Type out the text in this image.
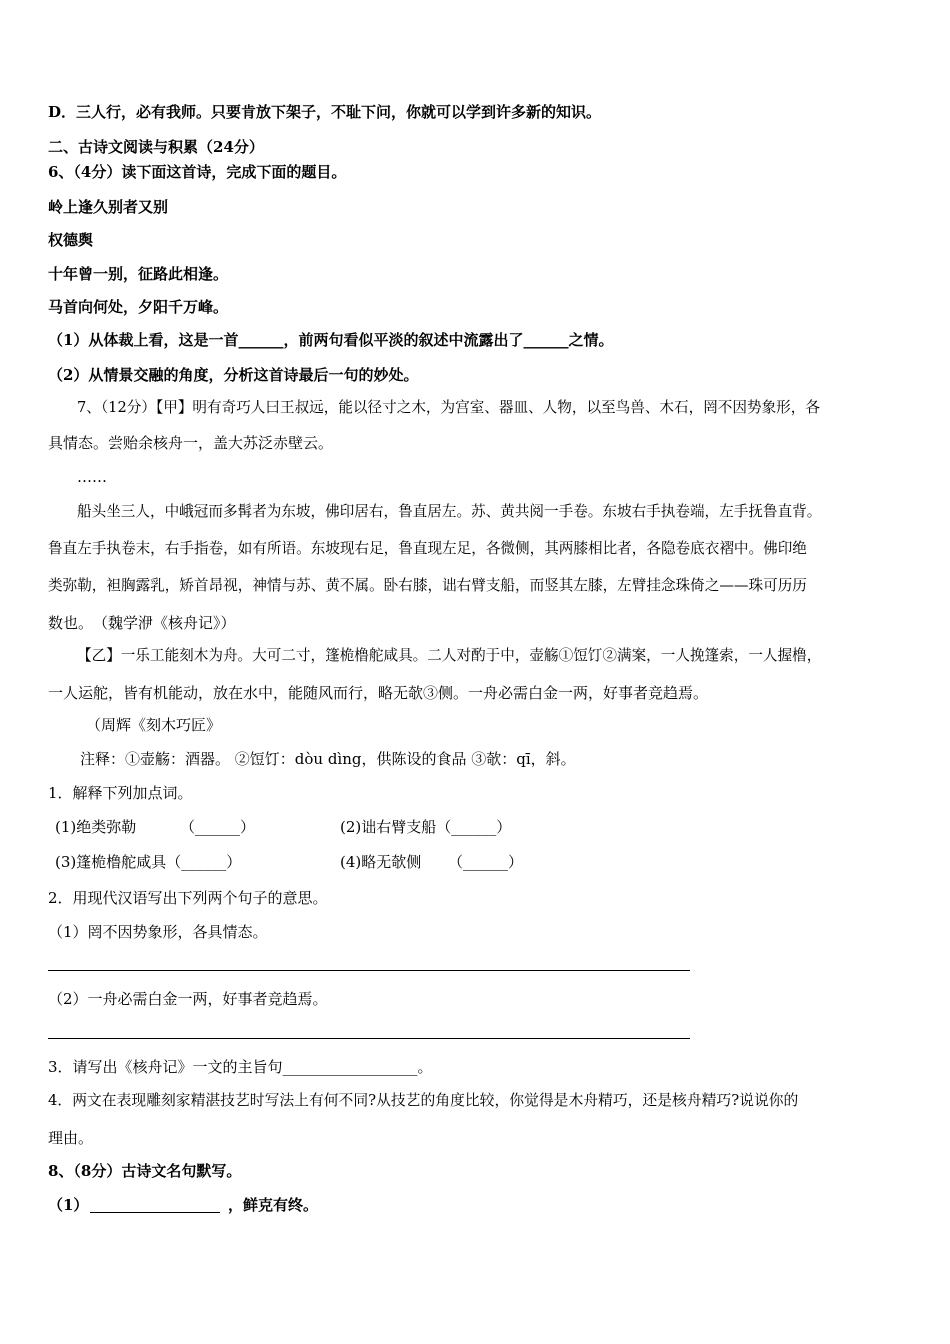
D．三人行，必有我师。只要肯放下架子，不耻下问，你就可以学到许多新的知识。
二、古诗文阅读与积累（24分）
6、（4分）读下面这首诗，完成下面的题目。
岭上逢久别者又别
权德舆
十年曾一别，征路此相逢。
马首向何处，夕阳千万峰。
（1）从体裁上看，这是一首______，前两句看似平淡的叙述中流露出了______之情。
（2）从情景交融的角度，分析这首诗最后一句的妙处。
7、（12分）【甲】明有奇巧人曰王叔远，能以径寸之木，为宫室、器皿、人物，以至鸟兽、木石，罔不因势象形，各
具情态。尝贻余核舟一，盖大苏泛赤壁云。
……
船头坐三人，中峨冠而多髯者为东坡，佛印居右，鲁直居左。苏、黄共阅一手卷。东坡右手执卷端，左手抚鲁直背。
鲁直左手执卷末，右手指卷，如有所语。东坡现右足，鲁直现左足，各微侧，其两膝相比者，各隐卷底衣褶中。佛印绝
类弥勒，袒胸露乳，矫首昂视，神情与苏、黄不属。卧右膝，诎右臂支船，而竖其左膝，左臂挂念珠倚之——珠可历历
数也。　（魏学洢《核舟记》）
【乙】一乐工能刻木为舟。大可二寸，篷桅橹舵咸具。二人对酌于中，壶觞①饾饤②满案，一人挽篷索，一人握橹，
一人运舵，皆有机能动，放在水中，能随风而行，略无欹③侧。一舟必需白金一两，好事者竞趋焉。
（周辉《刻木巧匠》
注释：①壶觞：酒器。 ②饾饤：dòu dìng，供陈设的食品 ③欹：qī，斜。
1．解释下列加点词。
(1)绝类弥勒	（______）	(2)诎右臂支船（______）
(3)篷桅橹舵咸具（______）	(4)略无欹侧 （______）
2．用现代汉语写出下列两个句子的意思。
（1）罔不因势象形，各具情态。
（2）一舟必需白金一两，好事者竞趋焉。
3．请写出《核舟记》一文的主旨句__________________。
4．两文在表现雕刻家精湛技艺时写法上有何不同?从技艺的角度比较，你觉得是木舟精巧，还是核舟精巧?说说你的
理由。
8、（8分）古诗文名句默写。
（1）	，鲜克有终。
